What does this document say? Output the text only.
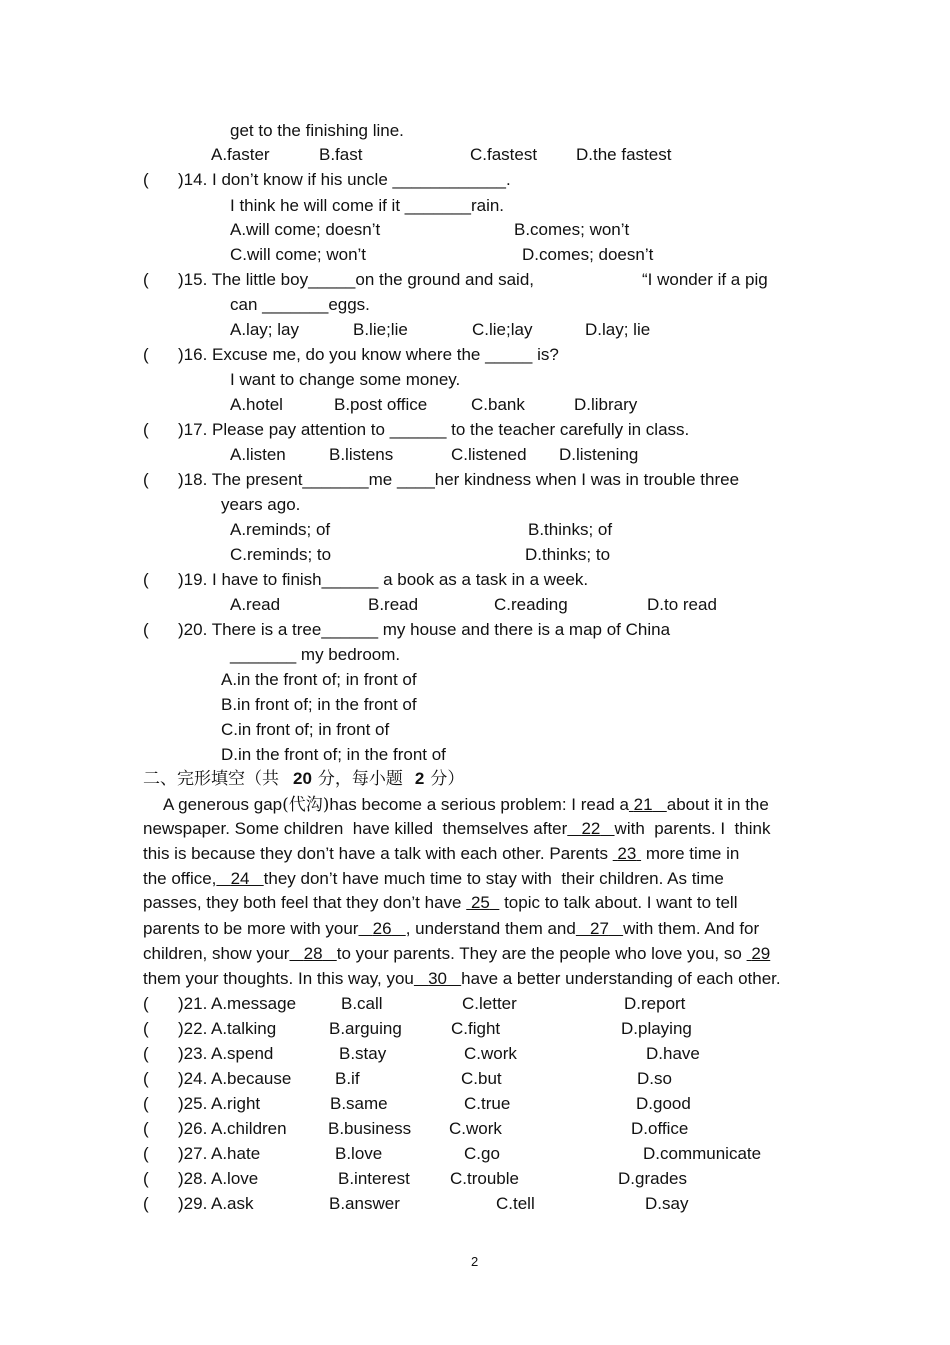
get to the finishing line.
A.faster	B.fast	C.fastest D.the fastest
( )14. I don’t know if his uncle ____________.
I think he will come if it _______rain.
A.will come; doesn’t	B.comes; won’t
C.will come; won’t	D.comes; doesn’t
( )15. The little boy_____on the ground and said,	“I wonder if a pig
can _______eggs.
A.lay; lay	B.lie;lie	C.lie;lay	D.lay; lie
( )16. Excuse me, do you know where the _____ is?
I want to change some money.
A.hotel	B.post office	C.bank	D.library
( )17. Please pay attention to ______ to the teacher carefully in class.
A.listen	B.listens	C.listened D.listening
( )18. The present_______me ____her kindness when I was in trouble three
years ago.
A.reminds; of	B.thinks; of
C.reminds; to	D.thinks; to
( )19. I have to finish______ a book as a task in a week.
A.read	B.read	C.reading	D.to read
( )20. There is a tree______ my house and there is a map of China
_______ my bedroom.
A.in the front of; in front of
B.in front of; in the front of
C.in front of; in front of
D.in the front of; in the front of
二、完形填空（共 20 分，每小题 2 分）
A generous gap(代沟)has become a serious problem: I read a 21 about it in the
newspaper. Some children  have killed  themselves after 22 with  parents. I  think
this is because they don’t have a talk with each other. Parents 23 more time in
the office, 24 they don’t have much time to stay with  their children. As time
passes, they both feel that they don’t have 25 topic to talk about. I want to tell
parents to be more with your 26 , understand them and 27 with them. And for
children, show your 28 to your parents. They are the people who love you, so 29
them your thoughts. In this way, you 30 have a better understanding of each other.
( )21. A.message	B.call	C.letter	D.report
( )22. A.talking	B.arguing	C.fight	D.playing
( )23. A.spend	B.stay	C.work	D.have
( )24. A.because	B.if	C.but	D.so
( )25. A.right	B.same	C.true	D.good
( )26. A.children B.business C.work	D.office
( )27. A.hate	B.love	C.go	D.communicate
( )28. A.love	B.interest C.trouble	D.grades
( )29. A.ask	B.answer	C.tell	D.say
2
